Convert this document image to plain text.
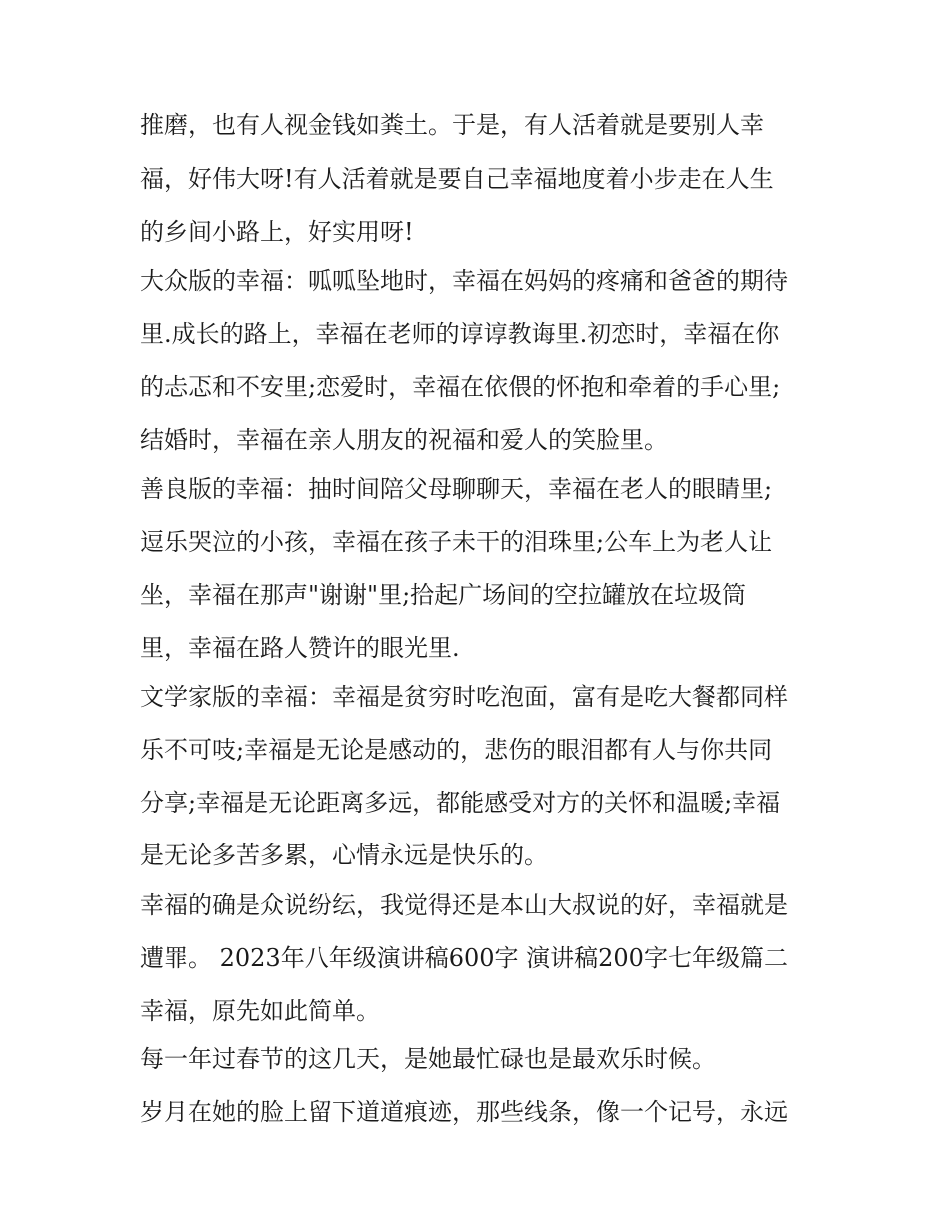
推磨，也有人视金钱如粪土。于是，有人活着就是要别人幸
福，好伟大呀!有人活着就是要自己幸福地度着小步走在人生
的乡间小路上，好实用呀!
大众版的幸福：呱呱坠地时，幸福在妈妈的疼痛和爸爸的期待
里.成长的路上，幸福在老师的谆谆教诲里.初恋时，幸福在你
的忐忑和不安里;恋爱时，幸福在依偎的怀抱和牵着的手心里;
结婚时，幸福在亲人朋友的祝福和爱人的笑脸里。
善良版的幸福：抽时间陪父母聊聊天，幸福在老人的眼睛里;
逗乐哭泣的小孩，幸福在孩子未干的泪珠里;公车上为老人让
坐，幸福在那声"谢谢"里;拾起广场间的空拉罐放在垃圾筒
里，幸福在路人赞许的眼光里.
文学家版的幸福：幸福是贫穷时吃泡面，富有是吃大餐都同样
乐不可吱;幸福是无论是感动的，悲伤的眼泪都有人与你共同
分享;幸福是无论距离多远，都能感受对方的关怀和温暖;幸福
是无论多苦多累，心情永远是快乐的。
幸福的确是众说纷纭，我觉得还是本山大叔说的好，幸福就是
遭罪。 2023年八年级演讲稿600字 演讲稿200字七年级篇二
幸福，原先如此简单。
每一年过春节的这几天，是她最忙碌也是最欢乐时候。
岁月在她的脸上留下道道痕迹，那些线条，像一个记号，永远
